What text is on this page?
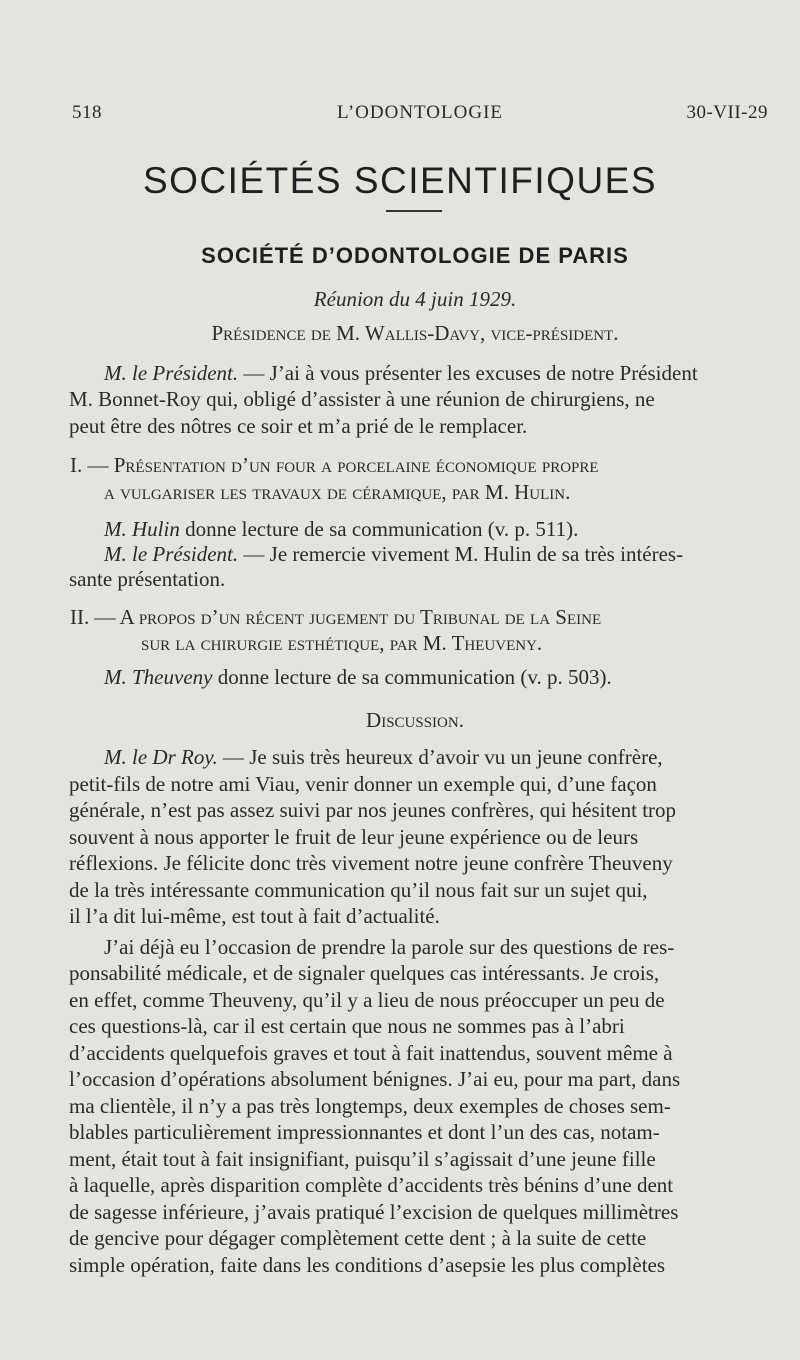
518	L’ODONTOLOGIE	30-VII-29
SOCIÉTÉS SCIENTIFIQUES
SOCIÉTÉ D’ODONTOLOGIE DE PARIS
Réunion du 4 juin 1929.
Présidence de M. Wallis-Davy, vice-président.
M. le Président. — J’ai à vous présenter les excuses de notre Président
M. Bonnet-Roy qui, obligé d’assister à une réunion de chirurgiens, ne
peut être des nôtres ce soir et m’a prié de le remplacer.
I. — Présentation d’un four a porcelaine économique propre
a vulgariser les travaux de céramique, par M. Hulin.
M. Hulin donne lecture de sa communication (v. p. 511).
M. le Président. — Je remercie vivement M. Hulin de sa très intéres-
sante présentation.
II. — A propos d’un récent jugement du Tribunal de la Seine
sur la chirurgie esthétique, par M. Theuveny.
M. Theuveny donne lecture de sa communication (v. p. 503).
Discussion.
M. le Dr Roy. — Je suis très heureux d’avoir vu un jeune confrère,
petit-fils de notre ami Viau, venir donner un exemple qui, d’une façon
générale, n’est pas assez suivi par nos jeunes confrères, qui hésitent trop
souvent à nous apporter le fruit de leur jeune expérience ou de leurs
réflexions. Je félicite donc très vivement notre jeune confrère Theuveny
de la très intéressante communication qu’il nous fait sur un sujet qui,
il l’a dit lui-même, est tout à fait d’actualité.
J’ai déjà eu l’occasion de prendre la parole sur des questions de res-
ponsabilité médicale, et de signaler quelques cas intéressants. Je crois,
en effet, comme Theuveny, qu’il y a lieu de nous préoccuper un peu de
ces questions-là, car il est certain que nous ne sommes pas à l’abri
d’accidents quelquefois graves et tout à fait inattendus, souvent même à
l’occasion d’opérations absolument bénignes. J’ai eu, pour ma part, dans
ma clientèle, il n’y a pas très longtemps, deux exemples de choses sem-
blables particulièrement impressionnantes et dont l’un des cas, notam-
ment, était tout à fait insignifiant, puisqu’il s’agissait d’une jeune fille
à laquelle, après disparition complète d’accidents très bénins d’une dent
de sagesse inférieure, j’avais pratiqué l’excision de quelques millimètres
de gencive pour dégager complètement cette dent ; à la suite de cette
simple opération, faite dans les conditions d’asepsie les plus complètes
